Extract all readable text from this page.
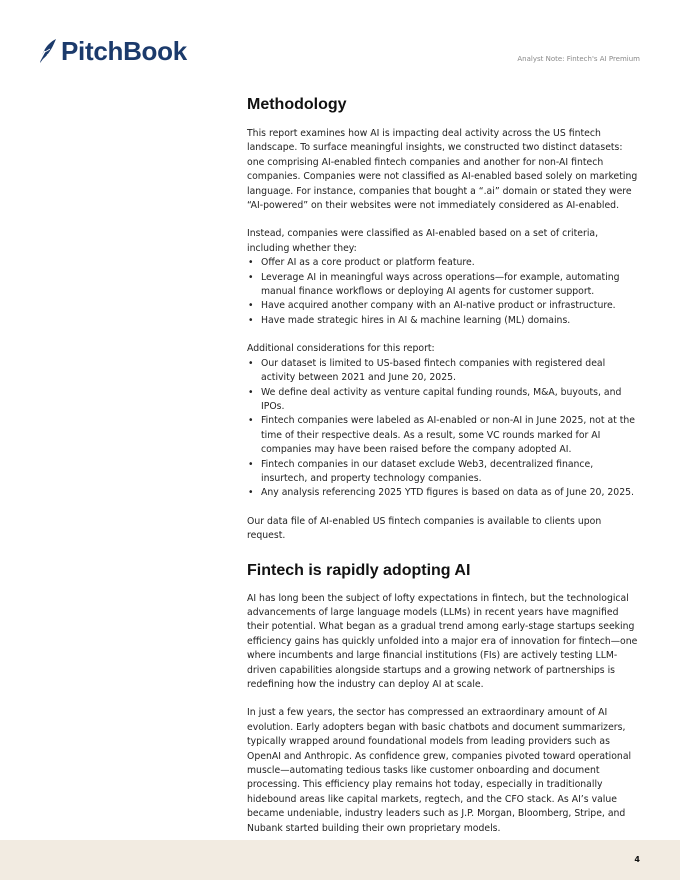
PitchBook	Analyst Note: Fintech's AI Premium
Methodology

This report examines how AI is impacting deal activity across the US fintech landscape. To surface meaningful insights, we constructed two distinct datasets: one comprising AI-enabled fintech companies and another for non-AI fintech companies. Companies were not classified as AI-enabled based solely on marketing language. For instance, companies that bought a “.ai” domain or stated they were “AI-powered” on their websites were not immediately considered as AI-enabled.

Instead, companies were classified as AI-enabled based on a set of criteria, including whether they:

• Offer AI as a core product or platform feature.
• Leverage AI in meaningful ways across operations—for example, automating manual finance workflows or deploying AI agents for customer support.
• Have acquired another company with an AI-native product or infrastructure.
• Have made strategic hires in AI & machine learning (ML) domains.

Additional considerations for this report:

• Our dataset is limited to US-based fintech companies with registered deal activity between 2021 and June 20, 2025.
• We define deal activity as venture capital funding rounds, M&A, buyouts, and IPOs.
• Fintech companies were labeled as AI-enabled or non-AI in June 2025, not at the time of their respective deals. As a result, some VC rounds marked for AI companies may have been raised before the company adopted AI.
• Fintech companies in our dataset exclude Web3, decentralized finance, insurtech, and property technology companies.
• Any analysis referencing 2025 YTD figures is based on data as of June 20, 2025.

Our data file of AI-enabled US fintech companies is available to clients upon request.

Fintech is rapidly adopting AI

AI has long been the subject of lofty expectations in fintech, but the technological advancements of large language models (LLMs) in recent years have magnified their potential. What began as a gradual trend among early-stage startups seeking efficiency gains has quickly unfolded into a major era of innovation for fintech—one where incumbents and large financial institutions (FIs) are actively testing LLM-driven capabilities alongside startups and a growing network of partnerships is redefining how the industry can deploy AI at scale.

In just a few years, the sector has compressed an extraordinary amount of AI evolution. Early adopters began with basic chatbots and document summarizers, typically wrapped around foundational models from leading providers such as OpenAI and Anthropic. As confidence grew, companies pivoted toward operational muscle—automating tedious tasks like customer onboarding and document processing. This efficiency play remains hot today, especially in traditionally hidebound areas like capital markets, regtech, and the CFO stack. As AI’s value became undeniable, industry leaders such as J.P. Morgan, Bloomberg, Stripe, and Nubank started building their own proprietary models.

4
